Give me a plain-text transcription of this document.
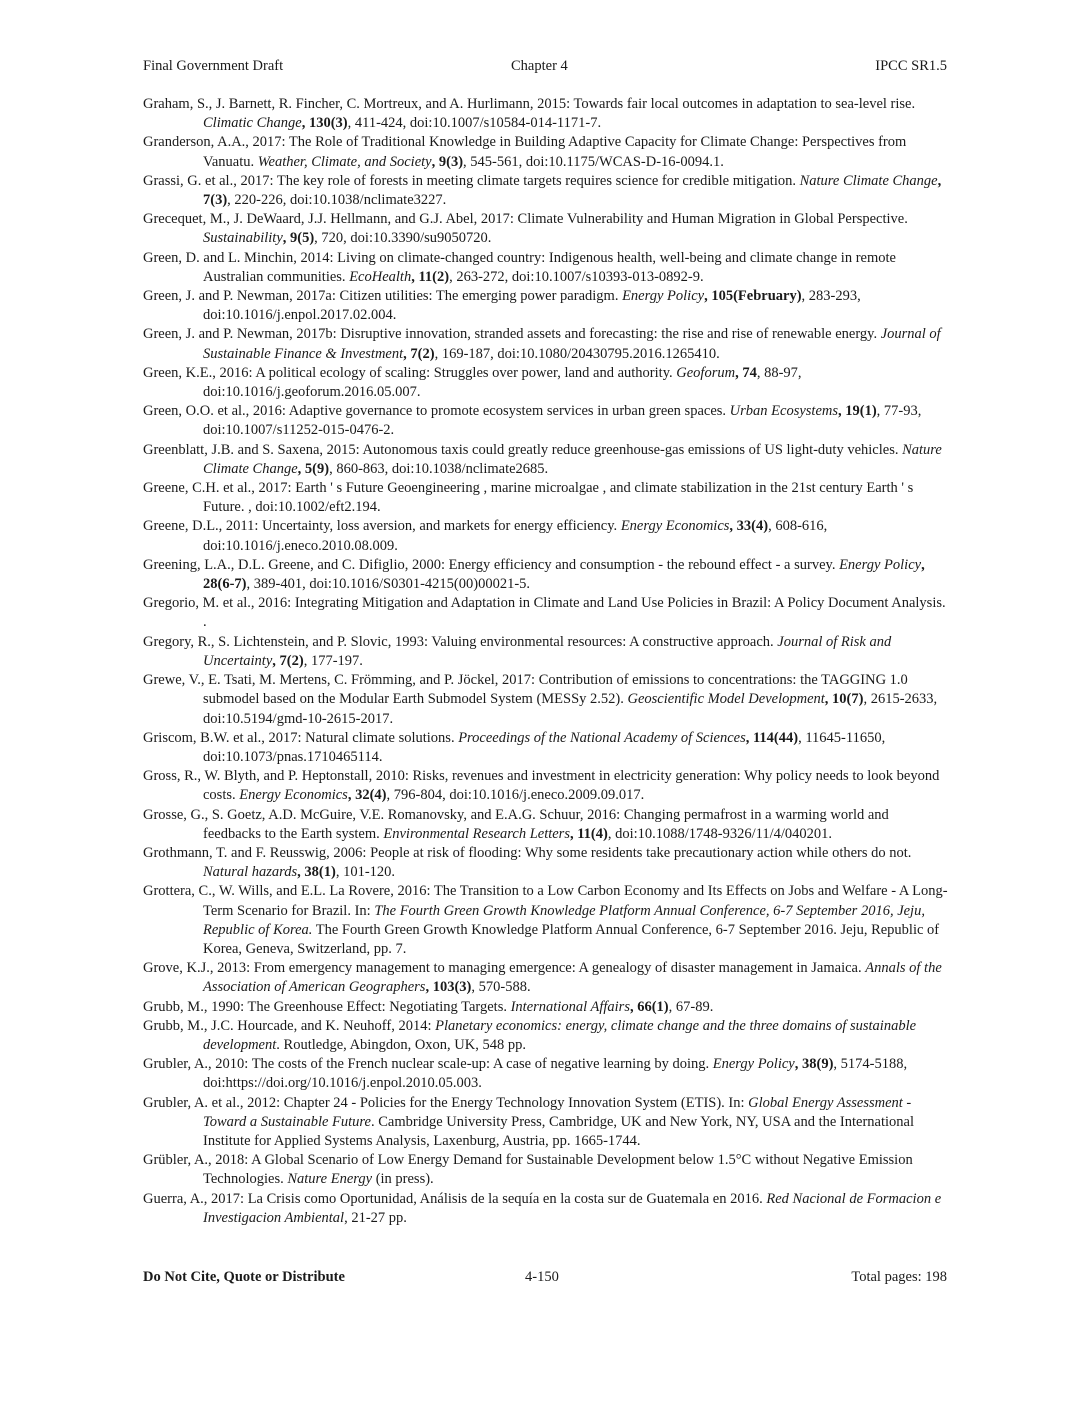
Final Government Draft	Chapter 4	IPCC SR1.5
Graham, S., J. Barnett, R. Fincher, C. Mortreux, and A. Hurlimann, 2015: Towards fair local outcomes in adaptation to sea-level rise. Climatic Change, 130(3), 411-424, doi:10.1007/s10584-014-1171-7.
Granderson, A.A., 2017: The Role of Traditional Knowledge in Building Adaptive Capacity for Climate Change: Perspectives from Vanuatu. Weather, Climate, and Society, 9(3), 545-561, doi:10.1175/WCAS-D-16-0094.1.
Grassi, G. et al., 2017: The key role of forests in meeting climate targets requires science for credible mitigation. Nature Climate Change, 7(3), 220-226, doi:10.1038/nclimate3227.
Grecequet, M., J. DeWaard, J.J. Hellmann, and G.J. Abel, 2017: Climate Vulnerability and Human Migration in Global Perspective. Sustainability, 9(5), 720, doi:10.3390/su9050720.
Green, D. and L. Minchin, 2014: Living on climate-changed country: Indigenous health, well-being and climate change in remote Australian communities. EcoHealth, 11(2), 263-272, doi:10.1007/s10393-013-0892-9.
Green, J. and P. Newman, 2017a: Citizen utilities: The emerging power paradigm. Energy Policy, 105(February), 283-293, doi:10.1016/j.enpol.2017.02.004.
Green, J. and P. Newman, 2017b: Disruptive innovation, stranded assets and forecasting: the rise and rise of renewable energy. Journal of Sustainable Finance & Investment, 7(2), 169-187, doi:10.1080/20430795.2016.1265410.
Green, K.E., 2016: A political ecology of scaling: Struggles over power, land and authority. Geoforum, 74, 88-97, doi:10.1016/j.geoforum.2016.05.007.
Green, O.O. et al., 2016: Adaptive governance to promote ecosystem services in urban green spaces. Urban Ecosystems, 19(1), 77-93, doi:10.1007/s11252-015-0476-2.
Greenblatt, J.B. and S. Saxena, 2015: Autonomous taxis could greatly reduce greenhouse-gas emissions of US light-duty vehicles. Nature Climate Change, 5(9), 860-863, doi:10.1038/nclimate2685.
Greene, C.H. et al., 2017: Earth ' s Future Geoengineering , marine microalgae , and climate stabilization in the 21st century Earth ' s Future. , doi:10.1002/eft2.194.
Greene, D.L., 2011: Uncertainty, loss aversion, and markets for energy efficiency. Energy Economics, 33(4), 608-616, doi:10.1016/j.eneco.2010.08.009.
Greening, L.A., D.L. Greene, and C. Difiglio, 2000: Energy efficiency and consumption - the rebound effect - a survey. Energy Policy, 28(6-7), 389-401, doi:10.1016/S0301-4215(00)00021-5.
Gregorio, M. et al., 2016: Integrating Mitigation and Adaptation in Climate and Land Use Policies in Brazil: A Policy Document Analysis. .
Gregory, R., S. Lichtenstein, and P. Slovic, 1993: Valuing environmental resources: A constructive approach. Journal of Risk and Uncertainty, 7(2), 177-197.
Grewe, V., E. Tsati, M. Mertens, C. Frömming, and P. Jöckel, 2017: Contribution of emissions to concentrations: the TAGGING 1.0 submodel based on the Modular Earth Submodel System (MESSy 2.52). Geoscientific Model Development, 10(7), 2615-2633, doi:10.5194/gmd-10-2615-2017.
Griscom, B.W. et al., 2017: Natural climate solutions. Proceedings of the National Academy of Sciences, 114(44), 11645-11650, doi:10.1073/pnas.1710465114.
Gross, R., W. Blyth, and P. Heptonstall, 2010: Risks, revenues and investment in electricity generation: Why policy needs to look beyond costs. Energy Economics, 32(4), 796-804, doi:10.1016/j.eneco.2009.09.017.
Grosse, G., S. Goetz, A.D. McGuire, V.E. Romanovsky, and E.A.G. Schuur, 2016: Changing permafrost in a warming world and feedbacks to the Earth system. Environmental Research Letters, 11(4), doi:10.1088/1748-9326/11/4/040201.
Grothmann, T. and F. Reusswig, 2006: People at risk of flooding: Why some residents take precautionary action while others do not. Natural hazards, 38(1), 101-120.
Grottera, C., W. Wills, and E.L. La Rovere, 2016: The Transition to a Low Carbon Economy and Its Effects on Jobs and Welfare - A Long-Term Scenario for Brazil. In: The Fourth Green Growth Knowledge Platform Annual Conference, 6-7 September 2016, Jeju, Republic of Korea. The Fourth Green Growth Knowledge Platform Annual Conference, 6-7 September 2016. Jeju, Republic of Korea, Geneva, Switzerland, pp. 7.
Grove, K.J., 2013: From emergency management to managing emergence: A genealogy of disaster management in Jamaica. Annals of the Association of American Geographers, 103(3), 570-588.
Grubb, M., 1990: The Greenhouse Effect: Negotiating Targets. International Affairs, 66(1), 67-89.
Grubb, M., J.C. Hourcade, and K. Neuhoff, 2014: Planetary economics: energy, climate change and the three domains of sustainable development. Routledge, Abingdon, Oxon, UK, 548 pp.
Grubler, A., 2010: The costs of the French nuclear scale-up: A case of negative learning by doing. Energy Policy, 38(9), 5174-5188, doi:https://doi.org/10.1016/j.enpol.2010.05.003.
Grubler, A. et al., 2012: Chapter 24 - Policies for the Energy Technology Innovation System (ETIS). In: Global Energy Assessment - Toward a Sustainable Future. Cambridge University Press, Cambridge, UK and New York, NY, USA and the International Institute for Applied Systems Analysis, Laxenburg, Austria, pp. 1665-1744.
Grübler, A., 2018: A Global Scenario of Low Energy Demand for Sustainable Development below 1.5°C without Negative Emission Technologies. Nature Energy (in press).
Guerra, A., 2017: La Crisis como Oportunidad, Análisis de la sequía en la costa sur de Guatemala en 2016. Red Nacional de Formacion e Investigacion Ambiental, 21-27 pp.
Do Not Cite, Quote or Distribute	4-150	Total pages: 198
